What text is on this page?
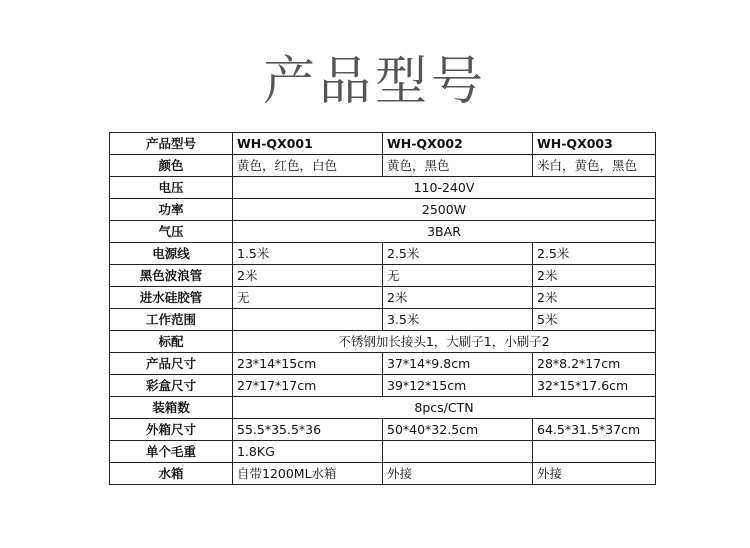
产品型号
产品型号	WH-QX001	WH-QX002	WH-QX003
颜色	黄色，红色，白色	黄色，黑色	米白，黄色，黑色
电压	110-240V		
功率	2500W		
气压	3BAR		
电源线	1.5米	2.5米	2.5米
黑色波浪管	2米	无	2米
进水硅胶管	无	2米	2米
工作范围		3.5米	5米
标配	不锈钢加长接头1，大刷子1，小刷子2		
产品尺寸	23*14*15cm	37*14*9.8cm	28*8.2*17cm
彩盒尺寸	27*17*17cm	39*12*15cm	32*15*17.6cm
装箱数	8pcs/CTN		
外箱尺寸	55.5*35.5*36	50*40*32.5cm	64.5*31.5*37cm
单个毛重	1.8KG		
水箱	自带1200ML水箱	外接	外接
